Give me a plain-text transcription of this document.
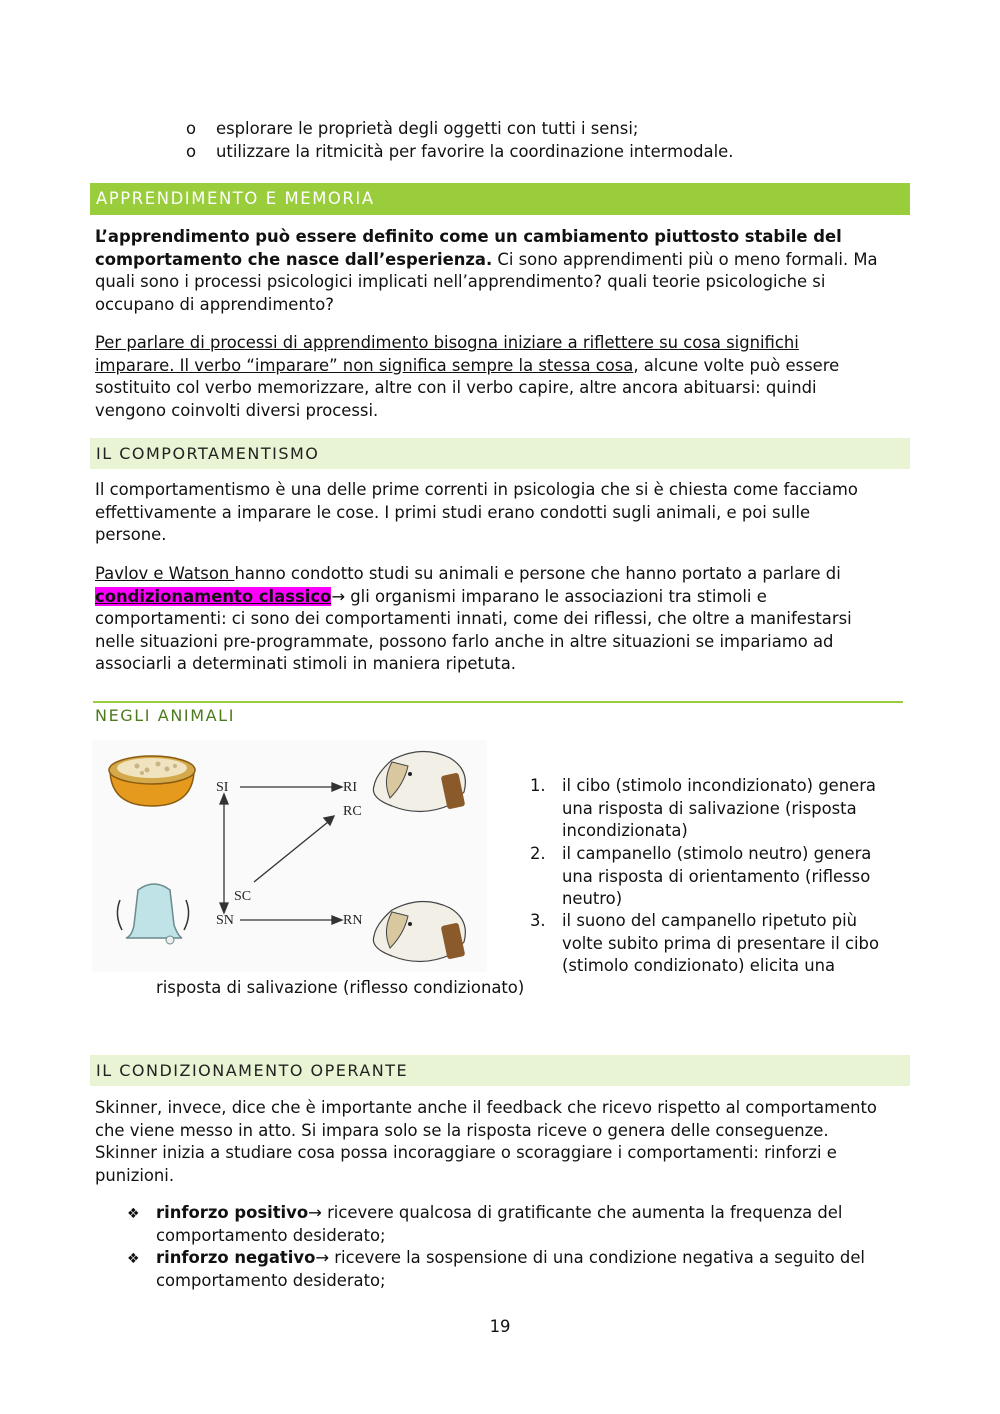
o esplorare le proprietà degli oggetti con tutti i sensi;
o utilizzare la ritmicità per favorire la coordinazione intermodale.
APPRENDIMENTO E MEMORIA
L’apprendimento può essere definito come un cambiamento piuttosto stabile del
comportamento che nasce dall’esperienza. Ci sono apprendimenti più o meno formali. Ma
quali sono i processi psicologici implicati nell’apprendimento? quali teorie psicologiche si
occupano di apprendimento?
Per parlare di processi di apprendimento bisogna iniziare a riflettere su cosa significhi
imparare. Il verbo “imparare” non significa sempre la stessa cosa, alcune volte può essere
sostituito col verbo memorizzare, altre con il verbo capire, altre ancora abituarsi: quindi
vengono coinvolti diversi processi.
IL COMPORTAMENTISMO
Il comportamentismo è una delle prime correnti in psicologia che si è chiesta come facciamo
effettivamente a imparare le cose. I primi studi erano condotti sugli animali, e poi sulle
persone.
Pavlov e Watson hanno condotto studi su animali e persone che hanno portato a parlare di
condizionamento classico→ gli organismi imparano le associazioni tra stimoli e
comportamenti: ci sono dei comportamenti innati, come dei riflessi, che oltre a manifestarsi
nelle situazioni pre-programmate, possono farlo anche in altre situazioni se impariamo ad
associarli a determinati stimoli in maniera ripetuta.
NEGLI ANIMALI
SI	RI
RC
SC
SN	RN
1. il cibo (stimolo incondizionato) genera
una risposta di salivazione (risposta
incondizionata)
2. il campanello (stimolo neutro) genera
una risposta di orientamento (riflesso
neutro)
3. il suono del campanello ripetuto più
volte subito prima di presentare il cibo
(stimolo condizionato) elicita una
risposta di salivazione (riflesso condizionato)
IL CONDIZIONAMENTO OPERANTE
Skinner, invece, dice che è importante anche il feedback che ricevo rispetto al comportamento
che viene messo in atto. Si impara solo se la risposta riceve o genera delle conseguenze.
Skinner inizia a studiare cosa possa incoraggiare o scoraggiare i comportamenti: rinforzi e
punizioni.
❖ rinforzo positivo→ ricevere qualcosa di gratificante che aumenta la frequenza del
comportamento desiderato;
❖ rinforzo negativo→ ricevere la sospensione di una condizione negativa a seguito del
comportamento desiderato;
19
